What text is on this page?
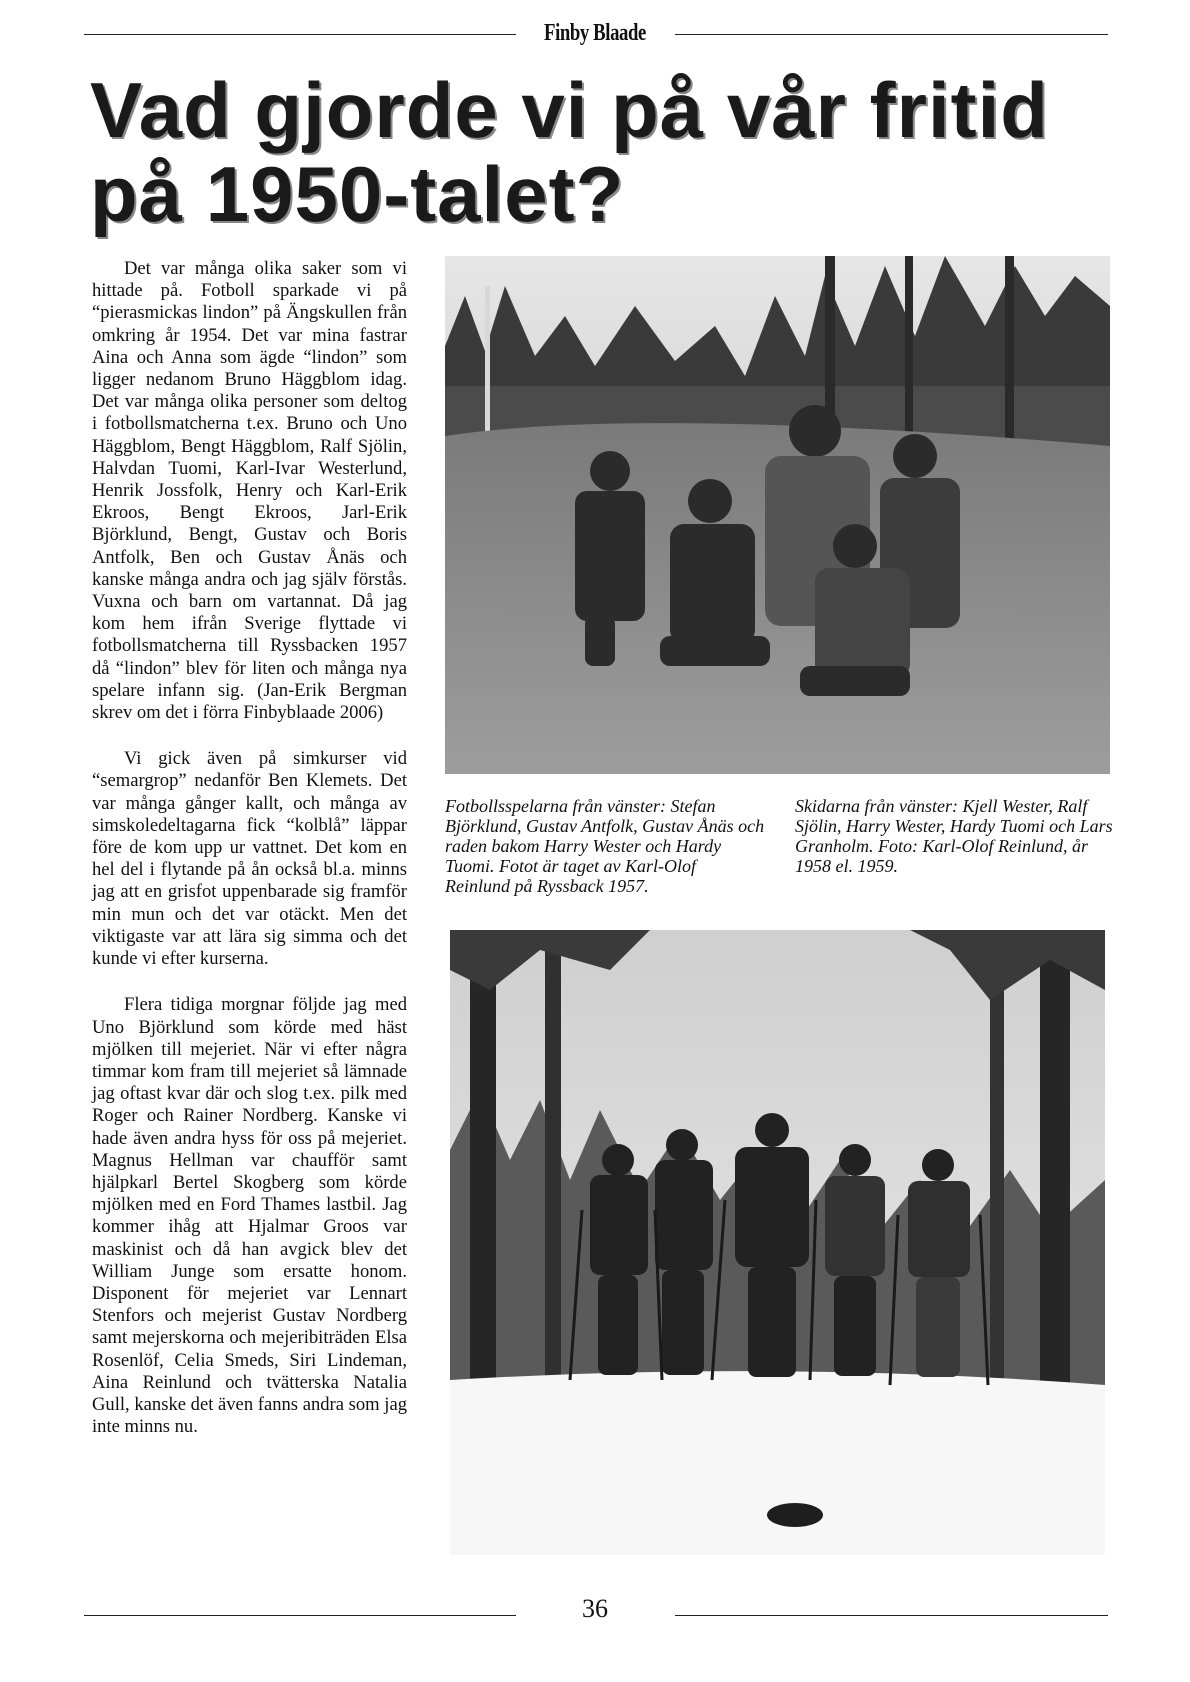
Finby Blaade
Vad gjorde vi på vår fritid på 1950-talet?

Det var många olika saker som vi hittade på. Fotboll sparkade vi på “pierasmickas lindon” på Ängskullen från omkring år 1954. Det var mina fastrar Aina och Anna som ägde “lindon” som ligger nedanom Bruno Häggblom idag. Det var många olika personer som deltog i fotbollsmatcherna t.ex. Bruno och Uno Häggblom, Bengt Häggblom, Ralf Sjölin, Halvdan Tuomi, Karl-Ivar Westerlund, Henrik Jossfolk, Henry och Karl-Erik Ekroos, Bengt Ekroos, Jarl-Erik Björklund, Bengt, Gustav och Boris Antfolk, Ben och Gustav Ånäs och kanske många andra och jag själv förstås. Vuxna och barn om vartannat. Då jag kom hem ifrån Sverige flyttade vi fotbollsmatcherna till Ryssbacken 1957 då “lindon” blev för liten och många nya spelare infann sig. (Jan-Erik Bergman skrev om det i förra Finbyblaade 2006)

Vi gick även på simkurser vid “semargrop” nedanför Ben Klemets. Det var många gånger kallt, och många av simskoledeltagarna fick “kolblå” läppar före de kom upp ur vattnet. Det kom en hel del i flytande på ån också bl.a. minns jag att en grisfot uppenbarade sig framför min mun och det var otäckt. Men det viktigaste var att lära sig simma och det kunde vi efter kurserna.

Flera tidiga morgnar följde jag med Uno Björklund som körde med häst mjölken till mejeriet. När vi efter några timmar kom fram till mejeriet så lämnade jag oftast kvar där och slog t.ex. pilk med Roger och Rainer Nordberg. Kanske vi hade även andra hyss för oss på mejeriet. Magnus Hellman var chaufför samt hjälpkarl Bertel Skogberg som körde mjölken med en Ford Thames lastbil. Jag kommer ihåg att Hjalmar Groos var maskinist och då han avgick blev det William Junge som ersatte honom. Disponent för mejeriet var Lennart Stenfors och mejerist Gustav Nordberg samt mejerskorna och mejeribiträden Elsa Rosenlöf, Celia Smeds, Siri Lindeman, Aina Reinlund och tvätterska Natalia Gull, kanske det även fanns andra som jag inte minns nu.

Fotbollsspelarna från vänster: Stefan Björklund, Gustav Antfolk, Gustav Ånäs och raden bakom Harry Wester och Hardy Tuomi. Fotot är taget av Karl-Olof Reinlund på Ryssback 1957.
Skidarna från vänster: Kjell Wester, Ralf Sjölin, Harry Wester, Hardy Tuomi och Lars Granholm. Foto: Karl-Olof Reinlund, år 1958 el. 1959.
36
